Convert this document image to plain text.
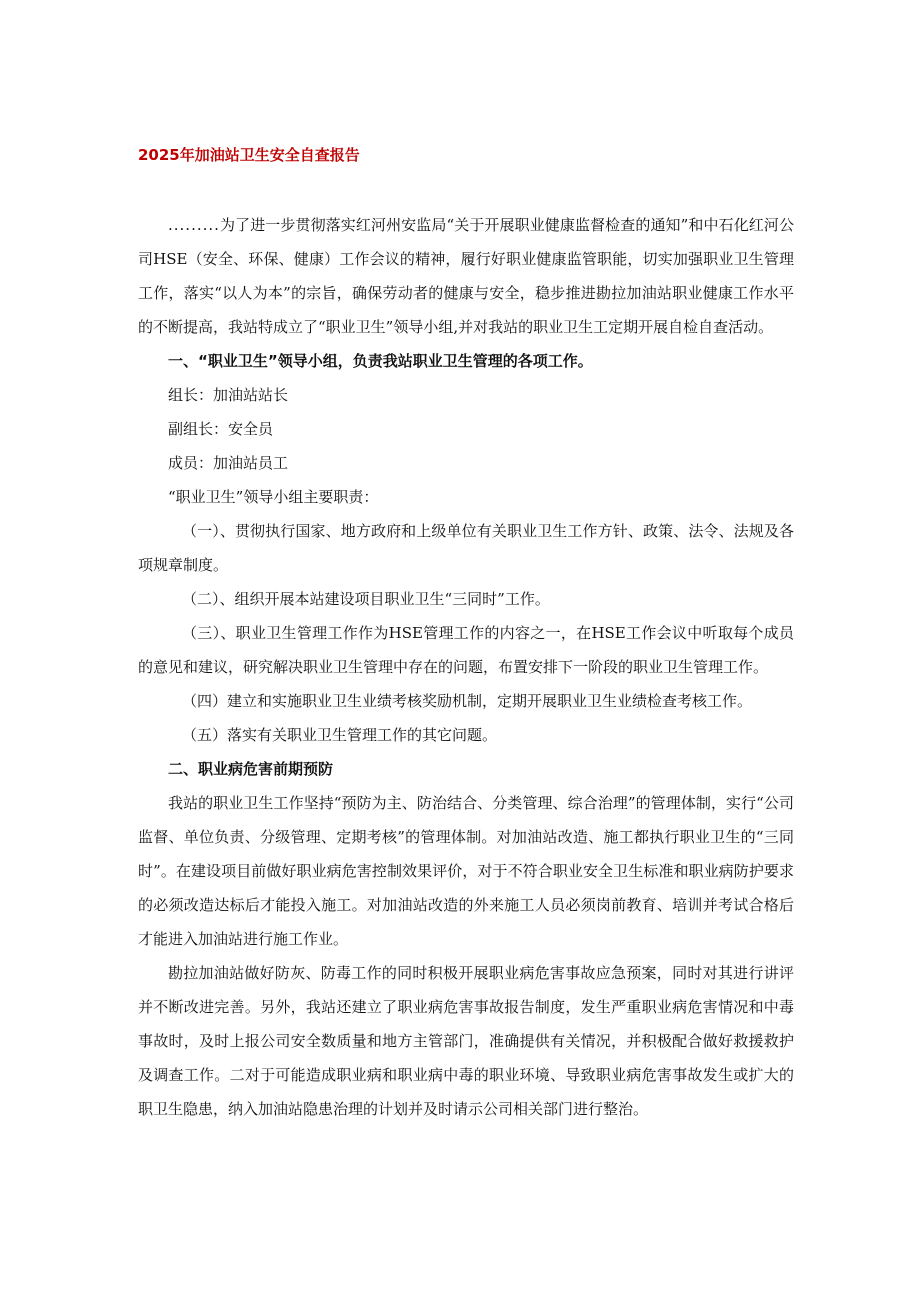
2025年加油站卫生安全自查报告

.........为了进一步贯彻落实红河州安监局“关于开展职业健康监督检查的通知”和中石化红河公司HSE（安全、环保、健康）工作会议的精神，履行好职业健康监管职能，切实加强职业卫生管理工作，落实“以人为本”的宗旨，确保劳动者的健康与安全，稳步推进勘拉加油站职业健康工作水平的不断提高，我站特成立了“职业卫生”领导小组,并对我站的职业卫生工定期开展自检自查活动。

一、“职业卫生”领导小组，负责我站职业卫生管理的各项工作。

组长：加油站站长

副组长：安全员

成员：加油站员工

“职业卫生”领导小组主要职责：

（一）、贯彻执行国家、地方政府和上级单位有关职业卫生工作方针、政策、法令、法规及各项规章制度。

（二）、组织开展本站建设项目职业卫生“三同时”工作。

（三）、职业卫生管理工作作为HSE管理工作的内容之一，在HSE工作会议中听取每个成员的意见和建议，研究解决职业卫生管理中存在的问题，布置安排下一阶段的职业卫生管理工作。

（四）建立和实施职业卫生业绩考核奖励机制，定期开展职业卫生业绩检查考核工作。

（五）落实有关职业卫生管理工作的其它问题。

二、职业病危害前期预防

我站的职业卫生工作坚持“预防为主、防治结合、分类管理、综合治理”的管理体制，实行“公司监督、单位负责、分级管理、定期考核”的管理体制。对加油站改造、施工都执行职业卫生的“三同时”。在建设项目前做好职业病危害控制效果评价，对于不符合职业安全卫生标准和职业病防护要求的必须改造达标后才能投入施工。对加油站改造的外来施工人员必须岗前教育、培训并考试合格后才能进入加油站进行施工作业。

勘拉加油站做好防灰、防毒工作的同时积极开展职业病危害事故应急预案，同时对其进行讲评并不断改进完善。另外，我站还建立了职业病危害事故报告制度，发生严重职业病危害情况和中毒事故时，及时上报公司安全数质量和地方主管部门，准确提供有关情况，并积极配合做好救援救护及调查工作。二对于可能造成职业病和职业病中毒的职业环境、导致职业病危害事故发生或扩大的职卫生隐患，纳入加油站隐患治理的计划并及时请示公司相关部门进行整治。
